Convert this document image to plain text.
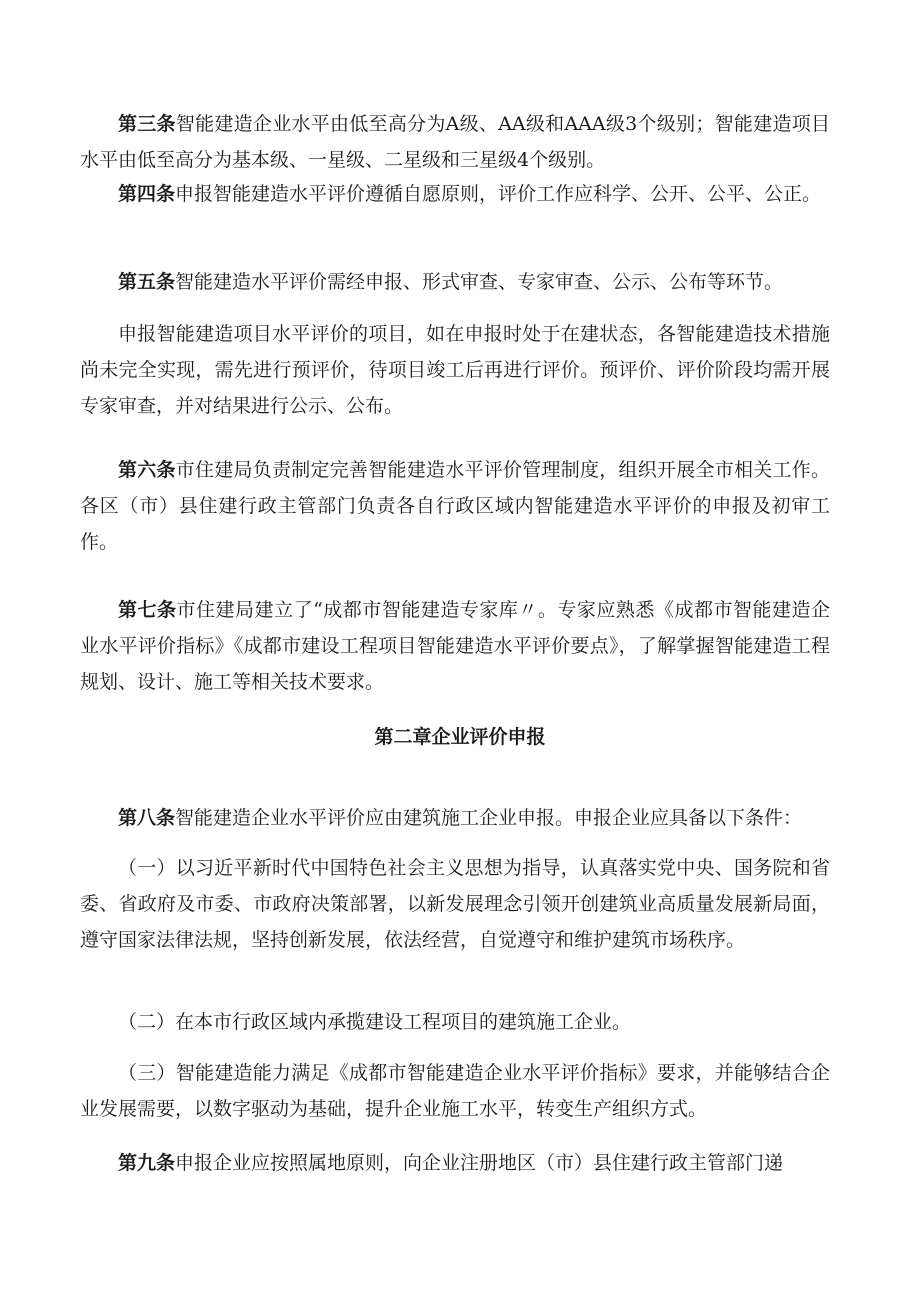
第三条智能建造企业水平由低至高分为A级、AA级和AAA级3个级别；智能建造项目水平由低至高分为基本级、一星级、二星级和三星级4个级别。

第四条申报智能建造水平评价遵循自愿原则，评价工作应科学、公开、公平、公正。

第五条智能建造水平评价需经申报、形式审查、专家审查、公示、公布等环节。

申报智能建造项目水平评价的项目，如在申报时处于在建状态，各智能建造技术措施尚未完全实现，需先进行预评价，待项目竣工后再进行评价。预评价、评价阶段均需开展专家审查，并对结果进行公示、公布。

第六条市住建局负责制定完善智能建造水平评价管理制度，组织开展全市相关工作。各区（市）县住建行政主管部门负责各自行政区域内智能建造水平评价的申报及初审工作。

第七条市住建局建立了“成都市智能建造专家库〃。专家应熟悉《成都市智能建造企业水平评价指标》《成都市建设工程项目智能建造水平评价要点》，了解掌握智能建造工程规划、设计、施工等相关技术要求。

第二章企业评价申报

第八条智能建造企业水平评价应由建筑施工企业申报。申报企业应具备以下条件：

（一）以习近平新时代中国特色社会主义思想为指导，认真落实党中央、国务院和省委、省政府及市委、市政府决策部署，以新发展理念引领开创建筑业高质量发展新局面，遵守国家法律法规，坚持创新发展，依法经营，自觉遵守和维护建筑市场秩序。

（二）在本市行政区域内承揽建设工程项目的建筑施工企业。

（三）智能建造能力满足《成都市智能建造企业水平评价指标》要求，并能够结合企业发展需要，以数字驱动为基础，提升企业施工水平，转变生产组织方式。

第九条申报企业应按照属地原则，向企业注册地区（市）县住建行政主管部门递
